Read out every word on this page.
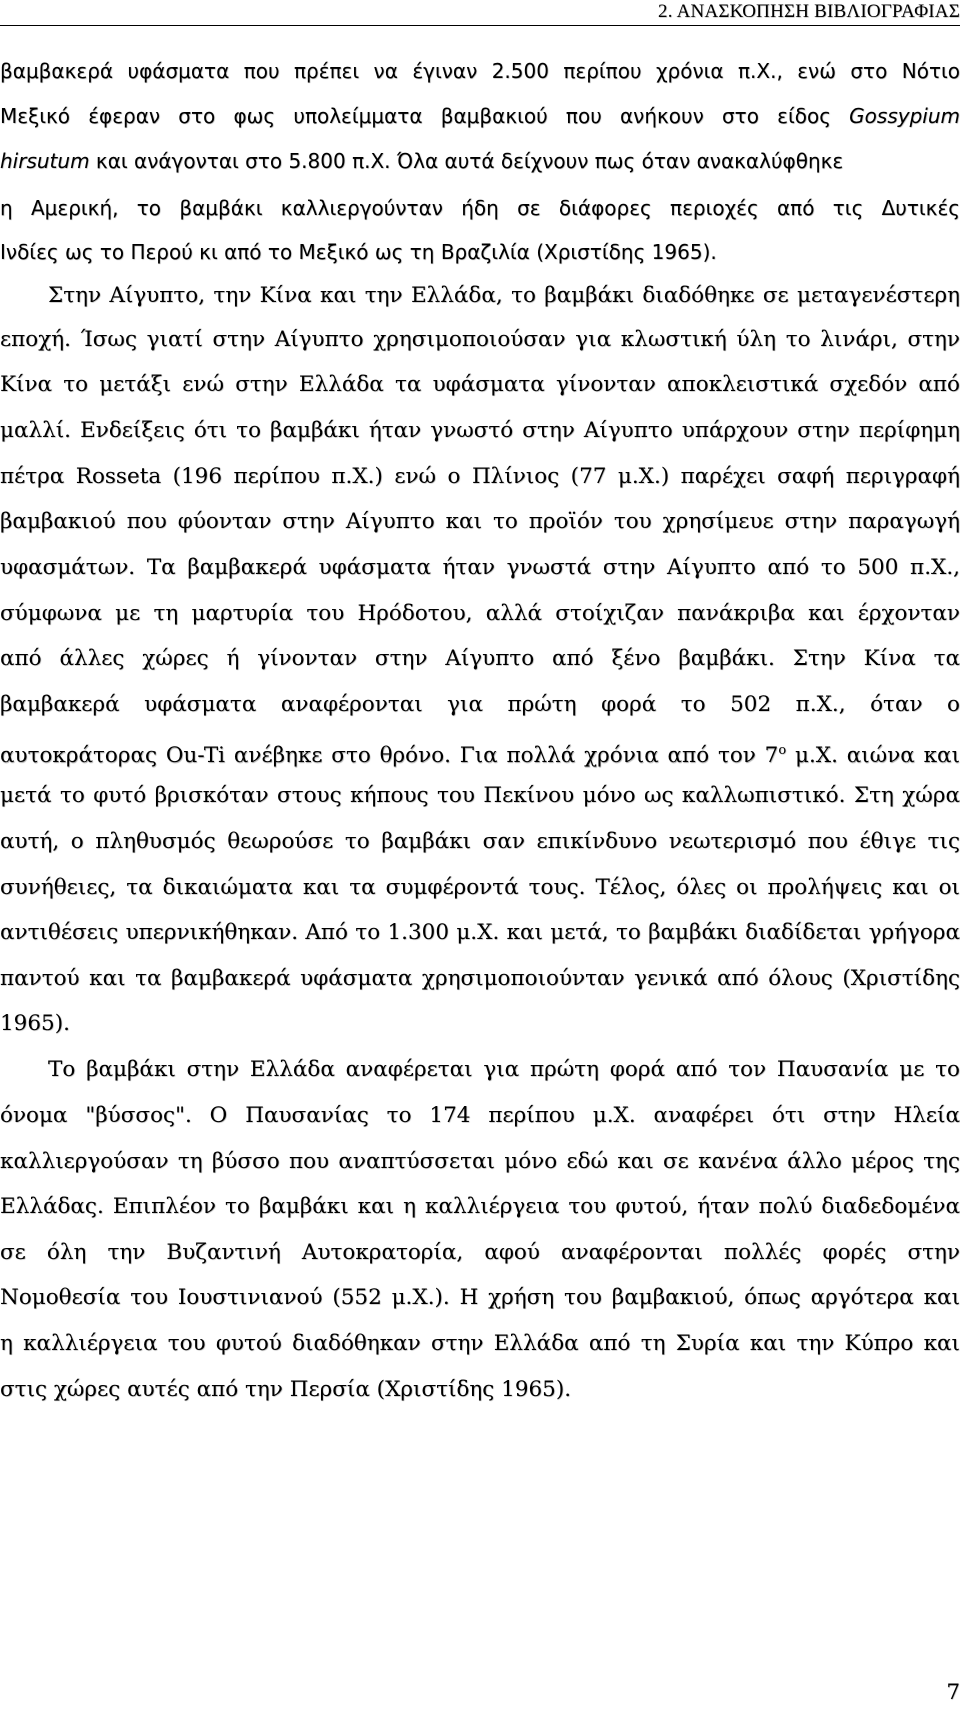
2. ΑΝΑΣΚΟΠΗΣΗ ΒΙΒΛΙΟΓΡΑΦΙΑΣ
βαμβακερά υφάσματα που πρέπει να έγιναν 2.500 περίπου χρόνια π.Χ., ενώ στο Νότιο
Μεξικό έφεραν στο φως υπολείμματα βαμβακιού που ανήκουν στο είδος Gossypium
hirsutum και ανάγονται στο 5.800 π.Χ. Όλα αυτά δείχνουν πως όταν ανακαλύφθηκε
η Αμερική, το βαμβάκι καλλιεργούνταν ήδη σε διάφορες περιοχές από τις Δυτικές
Ινδίες ως το Περού κι από το Μεξικό ως τη Βραζιλία (Χριστίδης 1965).
Στην Αίγυπτο, την Κίνα και την Ελλάδα, το βαμβάκι διαδόθηκε σε μεταγενέστερη
εποχή. Ίσως γιατί στην Αίγυπτο χρησιμοποιούσαν για κλωστική ύλη το λινάρι, στην
Κίνα το μετάξι ενώ στην Ελλάδα τα υφάσματα γίνονταν αποκλειστικά σχεδόν από
μαλλί. Ενδείξεις ότι το βαμβάκι ήταν γνωστό στην Αίγυπτο υπάρχουν στην περίφημη
πέτρα Rosseta (196 περίπου π.Χ.) ενώ ο Πλίνιος (77 μ.Χ.) παρέχει σαφή περιγραφή
βαμβακιού που φύονταν στην Αίγυπτο και το προϊόν του χρησίμευε στην παραγωγή
υφασμάτων. Τα βαμβακερά υφάσματα ήταν γνωστά στην Αίγυπτο από το 500 π.Χ.,
σύμφωνα με τη μαρτυρία του Ηρόδοτου, αλλά στοίχιζαν πανάκριβα και έρχονταν
από άλλες χώρες ή γίνονταν στην Αίγυπτο από ξένο βαμβάκι. Στην Κίνα τα
βαμβακερά υφάσματα αναφέρονται για πρώτη φορά το 502 π.Χ., όταν ο
αυτοκράτορας Ou-Ti ανέβηκε στο θρόνο. Για πολλά χρόνια από τον $7^o$ μ.Χ. αιώνα και
μετά το φυτό βρισκόταν στους κήπους του Πεκίνου μόνο ως καλλωπιστικό. Στη χώρα
αυτή, ο πληθυσμός θεωρούσε το βαμβάκι σαν επικίνδυνο νεωτερισμό που έθιγε τις
συνήθειες, τα δικαιώματα και τα συμφέροντά τους. Τέλος, όλες οι προλήψεις και οι
αντιθέσεις υπερνικήθηκαν. Από το 1.300 μ.Χ. και μετά, το βαμβάκι διαδίδεται γρήγορα
παντού και τα βαμβακερά υφάσματα χρησιμοποιούνταν γενικά από όλους (Χριστίδης
1965).
Το βαμβάκι στην Ελλάδα αναφέρεται για πρώτη φορά από τον Παυσανία με το
όνομα "βύσσος". Ο Παυσανίας το 174 περίπου μ.Χ. αναφέρει ότι στην Ηλεία
καλλιεργούσαν τη βύσσο που αναπτύσσεται μόνο εδώ και σε κανένα άλλο μέρος της
Ελλάδας. Επιπλέον το βαμβάκι και η καλλιέργεια του φυτού, ήταν πολύ διαδεδομένα
σε όλη την Βυζαντινή Αυτοκρατορία, αφού αναφέρονται πολλές φορές στην
Νομοθεσία του Ιουστινιανού (552 μ.Χ.). Η χρήση του βαμβακιού, όπως αργότερα και
η καλλιέργεια του φυτού διαδόθηκαν στην Ελλάδα από τη Συρία και την Κύπρο και
στις χώρες αυτές από την Περσία (Χριστίδης 1965).
7
